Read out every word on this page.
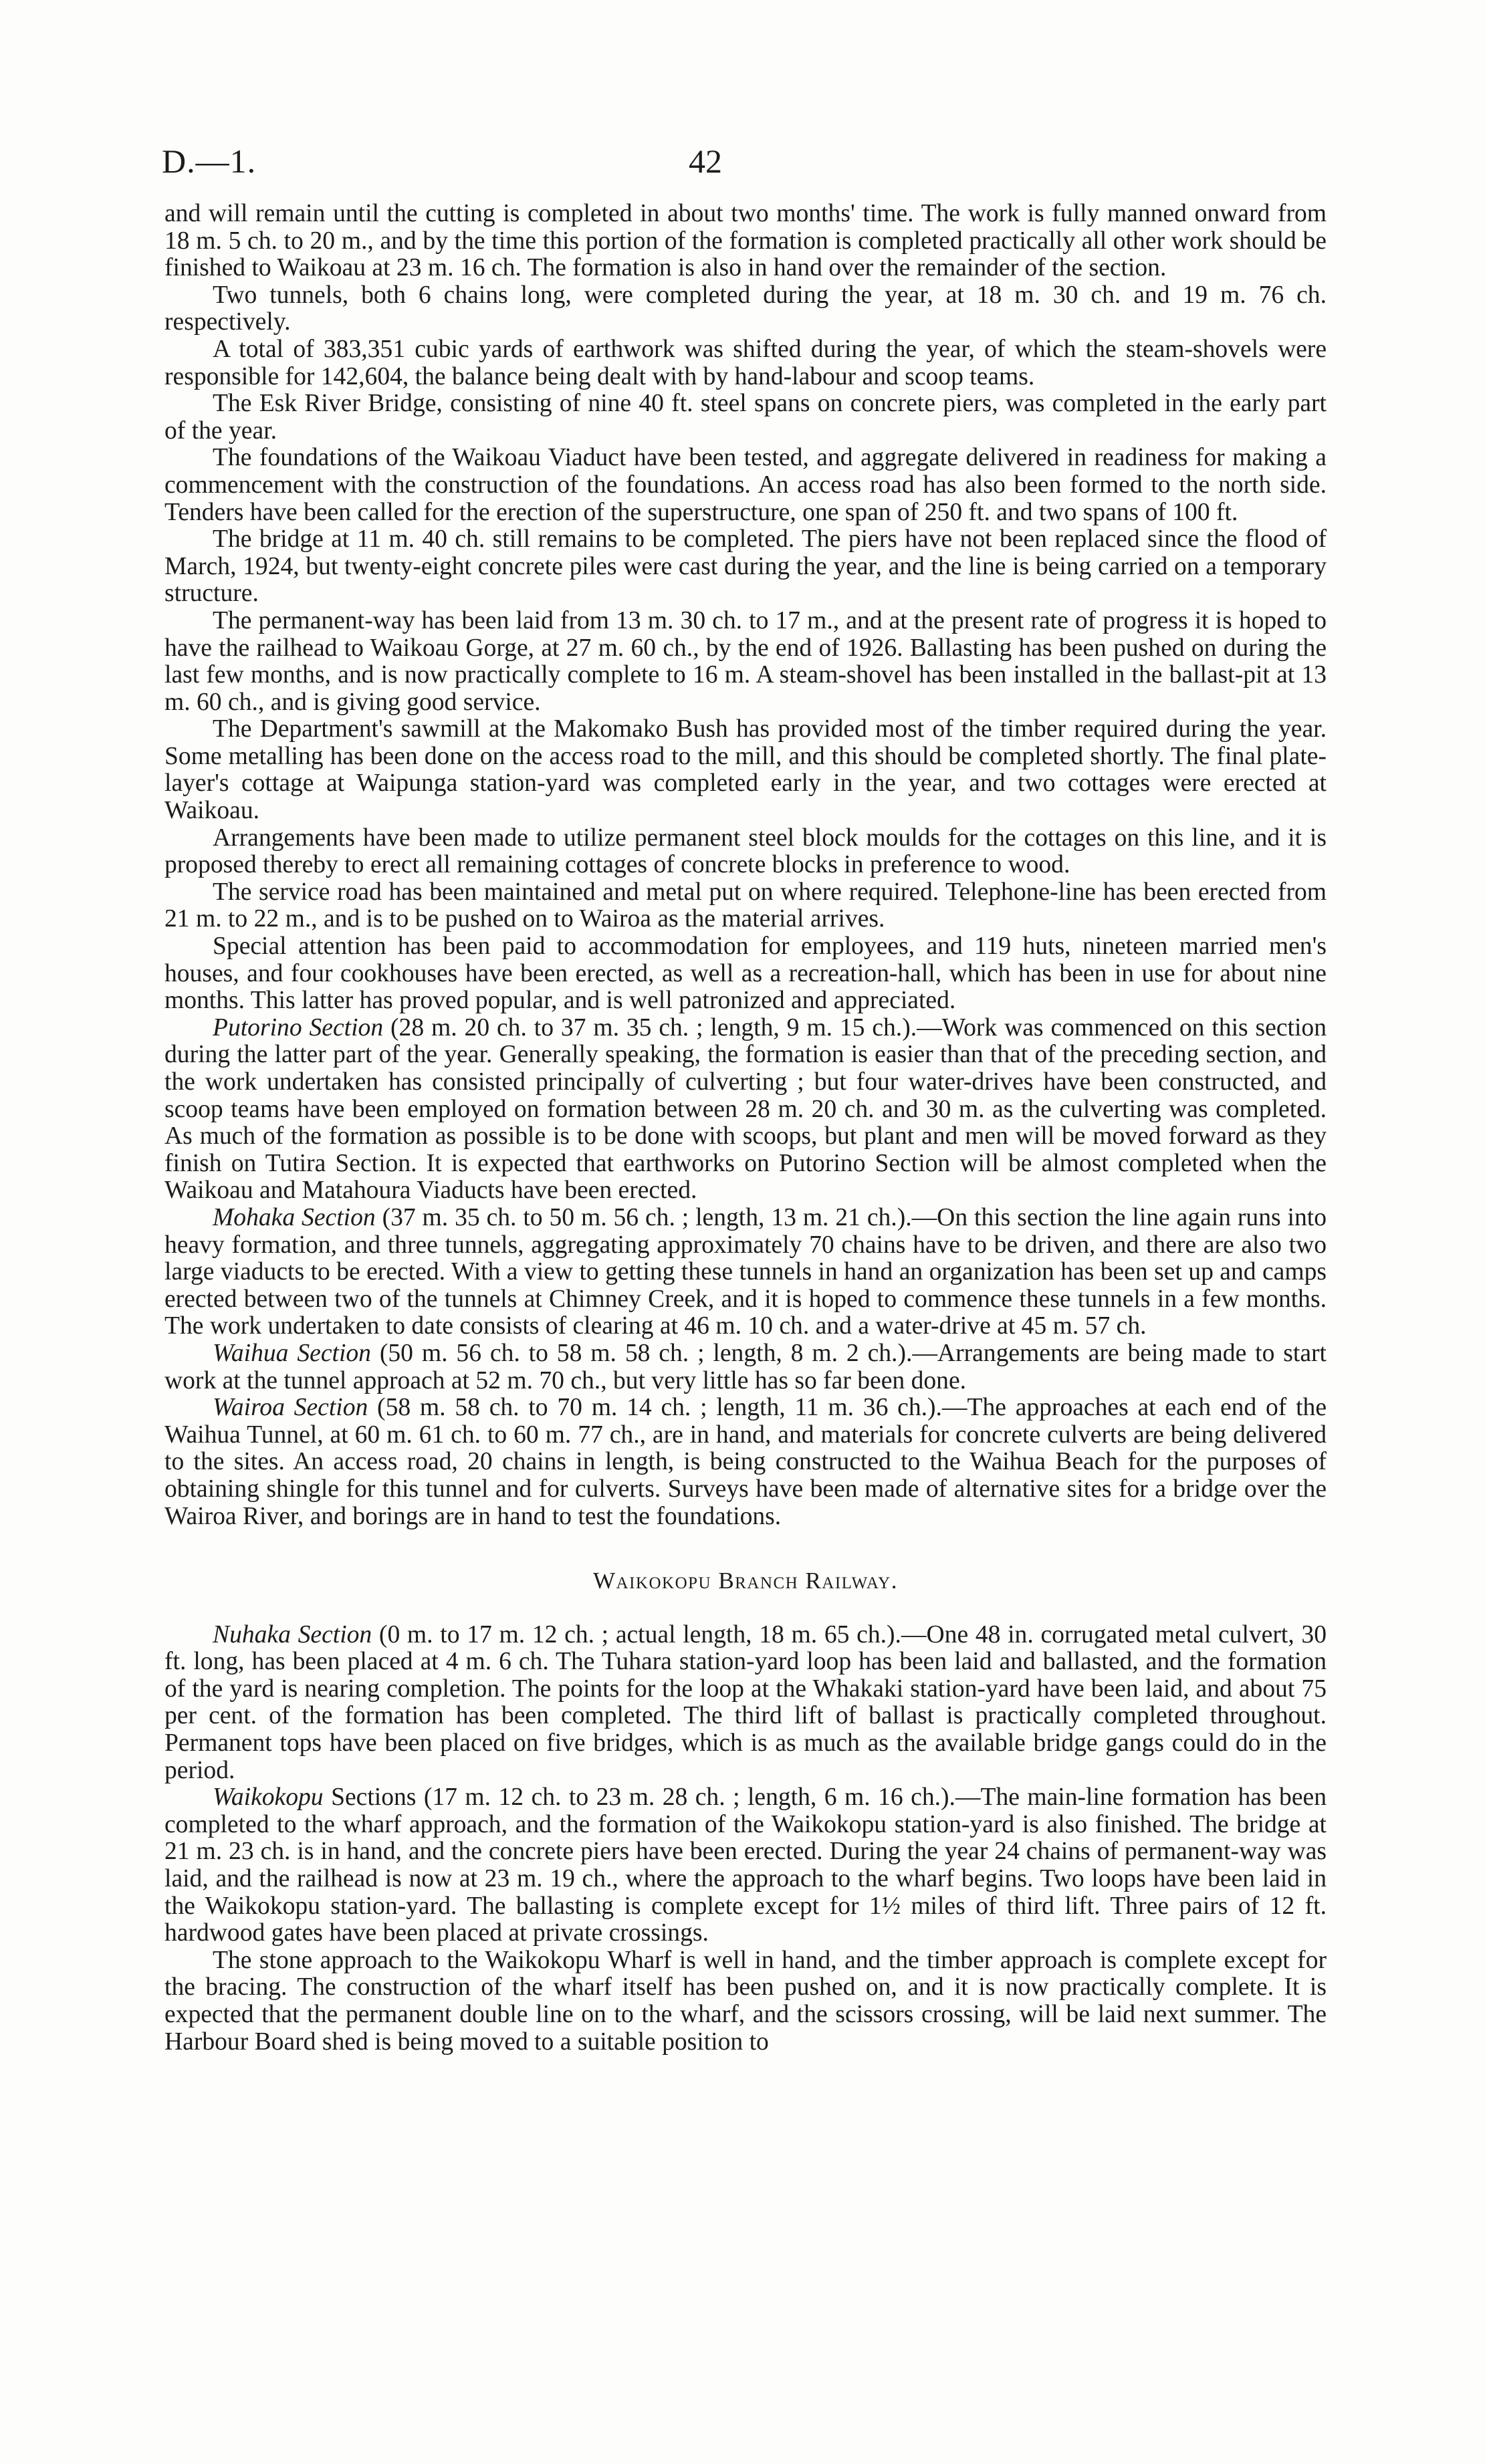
D.—1.	42

and will remain until the cutting is completed in about two months' time. The work is fully manned onward from 18 m. 5 ch. to 20 m., and by the time this portion of the formation is completed practically all other work should be finished to Waikoau at 23 m. 16 ch. The formation is also in hand over the remainder of the section.

Two tunnels, both 6 chains long, were completed during the year, at 18 m. 30 ch. and 19 m. 76 ch. respectively.

A total of 383,351 cubic yards of earthwork was shifted during the year, of which the steam-shovels were responsible for 142,604, the balance being dealt with by hand-labour and scoop teams.

The Esk River Bridge, consisting of nine 40 ft. steel spans on concrete piers, was completed in the early part of the year.

The foundations of the Waikoau Viaduct have been tested, and aggregate delivered in readiness for making a commencement with the construction of the foundations. An access road has also been formed to the north side. Tenders have been called for the erection of the superstructure, one span of 250 ft. and two spans of 100 ft.

The bridge at 11 m. 40 ch. still remains to be completed. The piers have not been replaced since the flood of March, 1924, but twenty-eight concrete piles were cast during the year, and the line is being carried on a temporary structure.

The permanent-way has been laid from 13 m. 30 ch. to 17 m., and at the present rate of progress it is hoped to have the railhead to Waikoau Gorge, at 27 m. 60 ch., by the end of 1926. Ballasting has been pushed on during the last few months, and is now practically complete to 16 m. A steam-shovel has been installed in the ballast-pit at 13 m. 60 ch., and is giving good service.

The Department's sawmill at the Makomako Bush has provided most of the timber required during the year. Some metalling has been done on the access road to the mill, and this should be completed shortly. The final plate-layer's cottage at Waipunga station-yard was completed early in the year, and two cottages were erected at Waikoau.

Arrangements have been made to utilize permanent steel block moulds for the cottages on this line, and it is proposed thereby to erect all remaining cottages of concrete blocks in preference to wood.

The service road has been maintained and metal put on where required. Telephone-line has been erected from 21 m. to 22 m., and is to be pushed on to Wairoa as the material arrives.

Special attention has been paid to accommodation for employees, and 119 huts, nineteen married men's houses, and four cookhouses have been erected, as well as a recreation-hall, which has been in use for about nine months. This latter has proved popular, and is well patronized and appreciated.

Putorino Section (28 m. 20 ch. to 37 m. 35 ch. ; length, 9 m. 15 ch.).—Work was commenced on this section during the latter part of the year. Generally speaking, the formation is easier than that of the preceding section, and the work undertaken has consisted principally of culverting ; but four water-drives have been constructed, and scoop teams have been employed on formation between 28 m. 20 ch. and 30 m. as the culverting was completed. As much of the formation as possible is to be done with scoops, but plant and men will be moved forward as they finish on Tutira Section. It is expected that earthworks on Putorino Section will be almost completed when the Waikoau and Matahoura Viaducts have been erected.

Mohaka Section (37 m. 35 ch. to 50 m. 56 ch. ; length, 13 m. 21 ch.).—On this section the line again runs into heavy formation, and three tunnels, aggregating approximately 70 chains have to be driven, and there are also two large viaducts to be erected. With a view to getting these tunnels in hand an organization has been set up and camps erected between two of the tunnels at Chimney Creek, and it is hoped to commence these tunnels in a few months. The work undertaken to date consists of clearing at 46 m. 10 ch. and a water-drive at 45 m. 57 ch.

Waihua Section (50 m. 56 ch. to 58 m. 58 ch. ; length, 8 m. 2 ch.).—Arrangements are being made to start work at the tunnel approach at 52 m. 70 ch., but very little has so far been done.

Wairoa Section (58 m. 58 ch. to 70 m. 14 ch. ; length, 11 m. 36 ch.).—The approaches at each end of the Waihua Tunnel, at 60 m. 61 ch. to 60 m. 77 ch., are in hand, and materials for concrete culverts are being delivered to the sites. An access road, 20 chains in length, is being constructed to the Waihua Beach for the purposes of obtaining shingle for this tunnel and for culverts. Surveys have been made of alternative sites for a bridge over the Wairoa River, and borings are in hand to test the foundations.

Waikokopu Branch Railway.

Nuhaka Section (0 m. to 17 m. 12 ch. ; actual length, 18 m. 65 ch.).—One 48 in. corrugated metal culvert, 30 ft. long, has been placed at 4 m. 6 ch. The Tuhara station-yard loop has been laid and ballasted, and the formation of the yard is nearing completion. The points for the loop at the Whakaki station-yard have been laid, and about 75 per cent. of the formation has been completed. The third lift of ballast is practically completed throughout. Permanent tops have been placed on five bridges, which is as much as the available bridge gangs could do in the period.

Waikokopu Sections (17 m. 12 ch. to 23 m. 28 ch. ; length, 6 m. 16 ch.).—The main-line formation has been completed to the wharf approach, and the formation of the Waikokopu station-yard is also finished. The bridge at 21 m. 23 ch. is in hand, and the concrete piers have been erected. During the year 24 chains of permanent-way was laid, and the railhead is now at 23 m. 19 ch., where the approach to the wharf begins. Two loops have been laid in the Waikokopu station-yard. The ballasting is complete except for 1½ miles of third lift. Three pairs of 12 ft. hardwood gates have been placed at private crossings.

The stone approach to the Waikokopu Wharf is well in hand, and the timber approach is complete except for the bracing. The construction of the wharf itself has been pushed on, and it is now practically complete. It is expected that the permanent double line on to the wharf, and the scissors crossing, will be laid next summer. The Harbour Board shed is being moved to a suitable position to
